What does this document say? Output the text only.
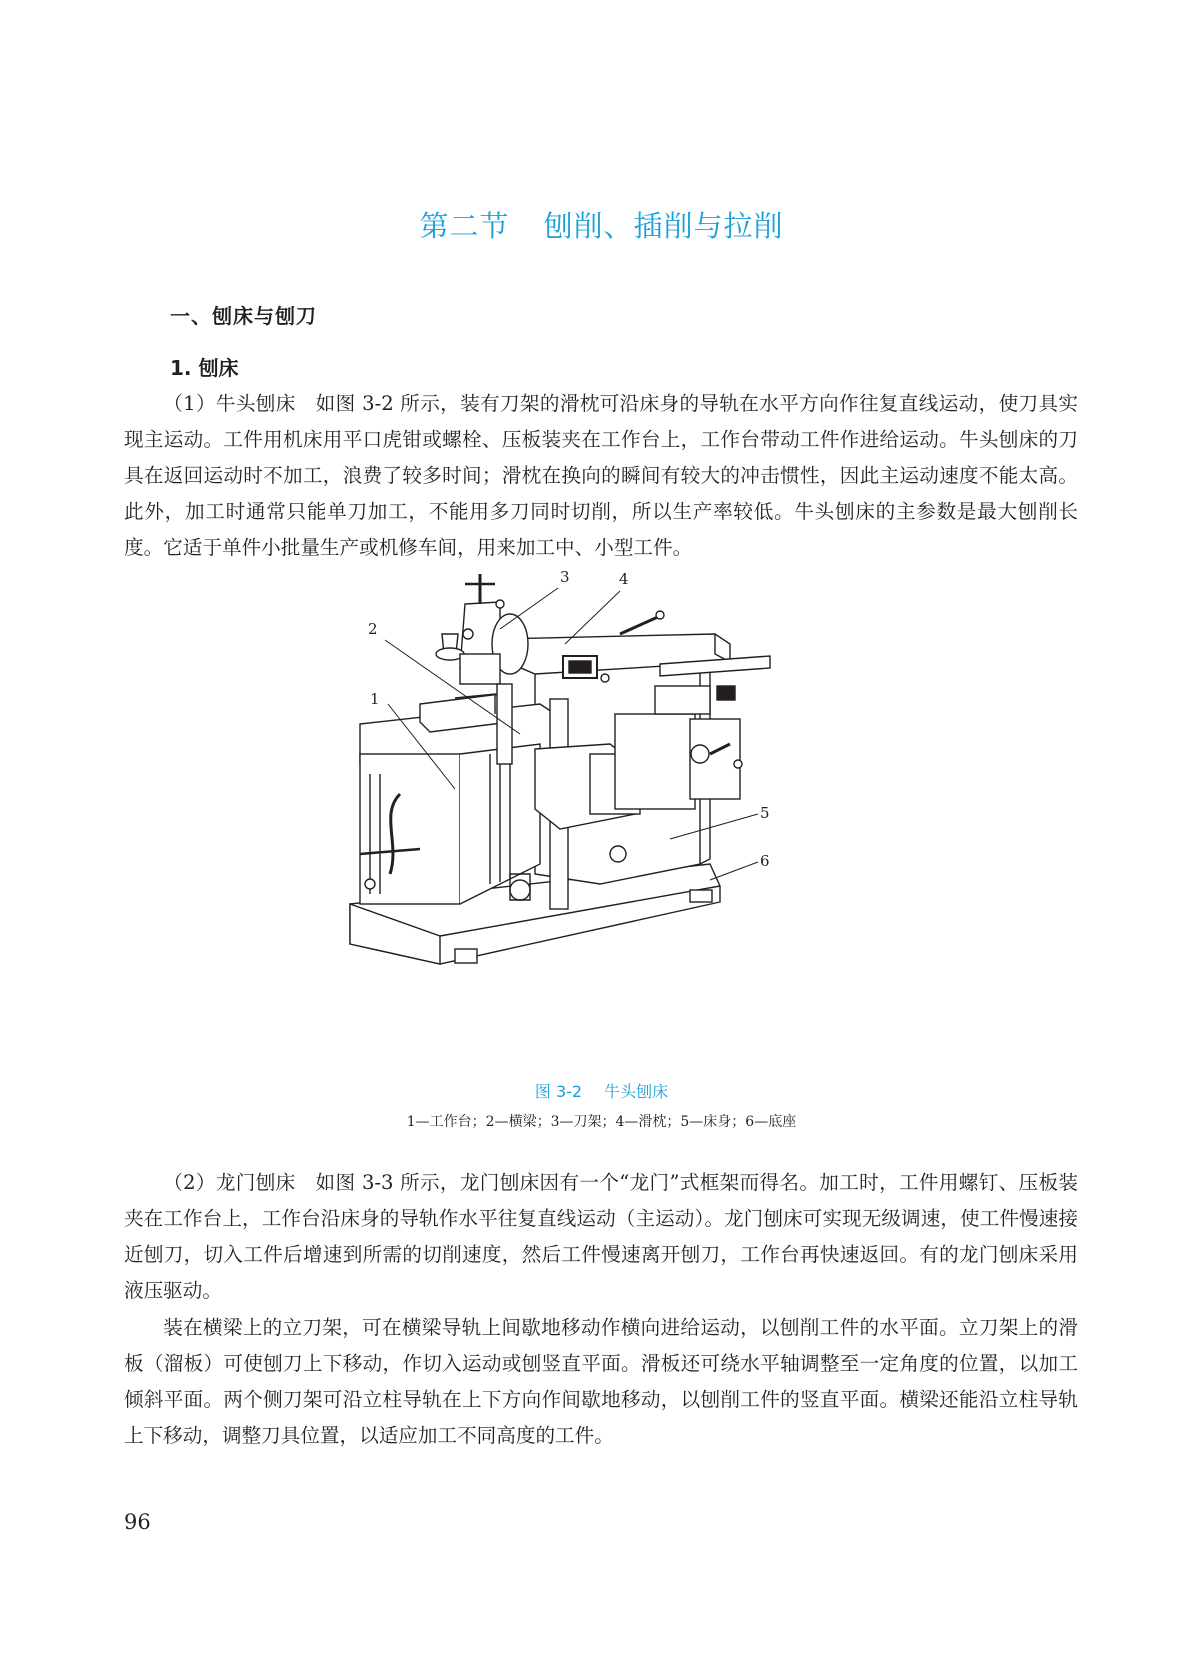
第二节 刨削、插削与拉削
一、刨床与刨刀
1. 刨床

（1）牛头刨床 如图 3-2 所示，装有刀架的滑枕可沿床身的导轨在水平方向作往复直线运动，使刀具实现主运动。工件用机床用平口虎钳或螺栓、压板装夹在工作台上，工作台带动工件作进给运动。牛头刨床的刀具在返回运动时不加工，浪费了较多时间；滑枕在换向的瞬间有较大的冲击惯性，因此主运动速度不能太高。此外，加工时通常只能单刀加工，不能用多刀同时切削，所以生产率较低。牛头刨床的主参数是最大刨削长度。它适于单件小批量生产或机修车间，用来加工中、小型工件。

1
2
3	4
5
6
图 3-2 牛头刨床
1—工作台；2—横梁；3—刀架；4—滑枕；5—床身；6—底座

（2）龙门刨床 如图 3-3 所示，龙门刨床因有一个“龙门”式框架而得名。加工时，工件用螺钉、压板装夹在工作台上，工作台沿床身的导轨作水平往复直线运动（主运动）。龙门刨床可实现无级调速，使工件慢速接近刨刀，切入工件后增速到所需的切削速度，然后工件慢速离开刨刀，工作台再快速返回。有的龙门刨床采用液压驱动。

装在横梁上的立刀架，可在横梁导轨上间歇地移动作横向进给运动，以刨削工件的水平面。立刀架上的滑板（溜板）可使刨刀上下移动，作切入运动或刨竖直平面。滑板还可绕水平轴调整至一定角度的位置，以加工倾斜平面。两个侧刀架可沿立柱导轨在上下方向作间歇地移动，以刨削工件的竖直平面。横梁还能沿立柱导轨上下移动，调整刀具位置，以适应加工不同高度的工件。

96
